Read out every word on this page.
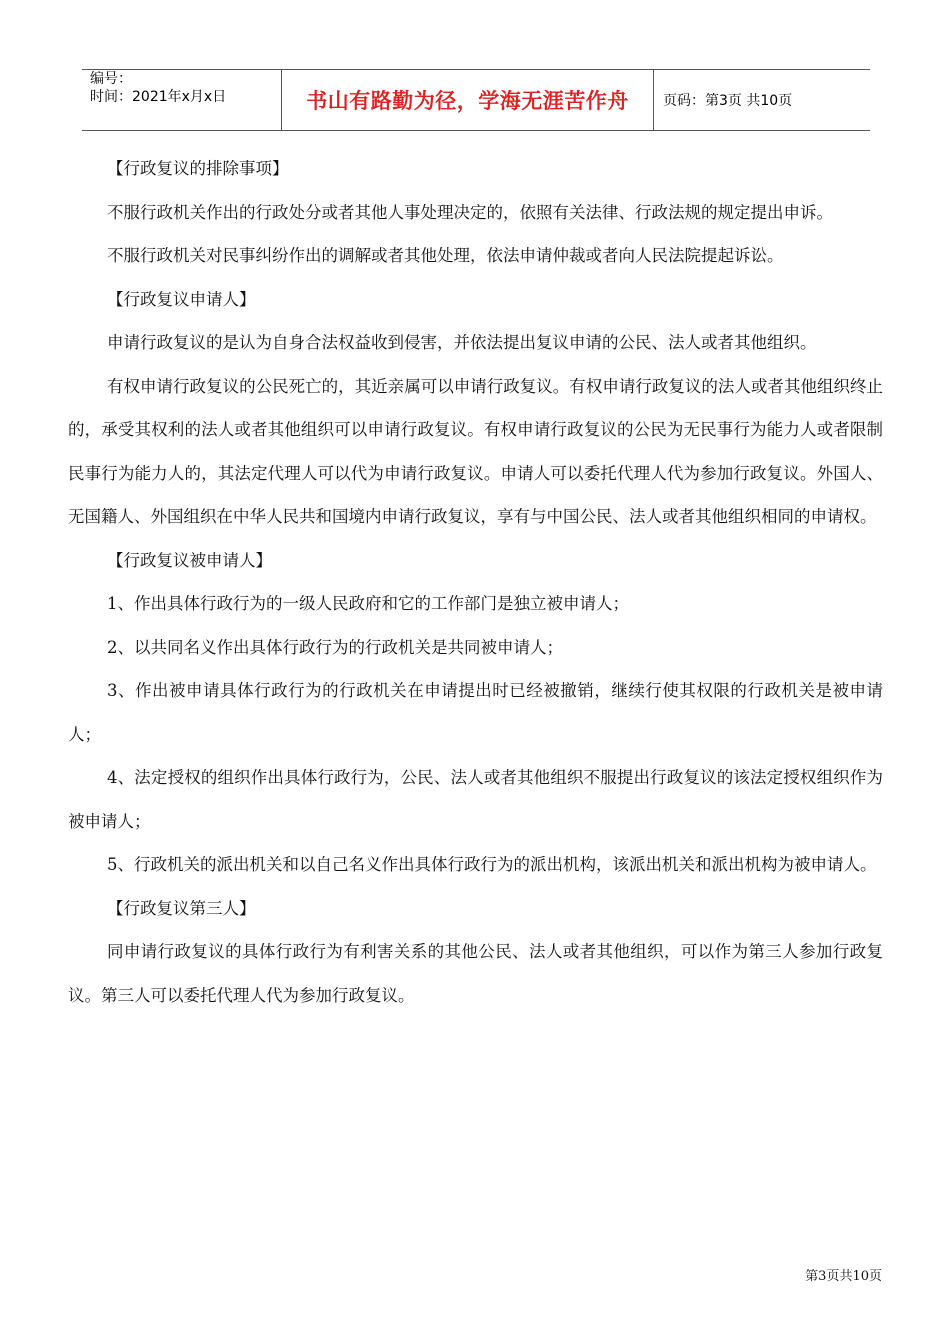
编号：
时间：2021年x月x日	书山有路勤为径，学海无涯苦作舟	页码：第3页 共10页

【行政复议的排除事项】

不服行政机关作出的行政处分或者其他人事处理决定的，依照有关法律、行政法规的规定提出申诉。

不服行政机关对民事纠纷作出的调解或者其他处理，依法申请仲裁或者向人民法院提起诉讼。

【行政复议申请人】

申请行政复议的是认为自身合法权益收到侵害，并依法提出复议申请的公民、法人或者其他组织。

有权申请行政复议的公民死亡的，其近亲属可以申请行政复议。有权申请行政复议的法人或者其他组织终止的，承受其权利的法人或者其他组织可以申请行政复议。有权申请行政复议的公民为无民事行为能力人或者限制民事行为能力人的，其法定代理人可以代为申请行政复议。申请人可以委托代理人代为参加行政复议。外国人、无国籍人、外国组织在中华人民共和国境内申请行政复议，享有与中国公民、法人或者其他组织相同的申请权。

【行政复议被申请人】

1、作出具体行政行为的一级人民政府和它的工作部门是独立被申请人；

2、以共同名义作出具体行政行为的行政机关是共同被申请人；

3、作出被申请具体行政行为的行政机关在申请提出时已经被撤销，继续行使其权限的行政机关是被申请人；

4、法定授权的组织作出具体行政行为，公民、法人或者其他组织不服提出行政复议的该法定授权组织作为被申请人；

5、行政机关的派出机关和以自己名义作出具体行政行为的派出机构，该派出机关和派出机构为被申请人。

【行政复议第三人】

同申请行政复议的具体行政行为有利害关系的其他公民、法人或者其他组织，可以作为第三人参加行政复议。第三人可以委托代理人代为参加行政复议。

第3页共10页
